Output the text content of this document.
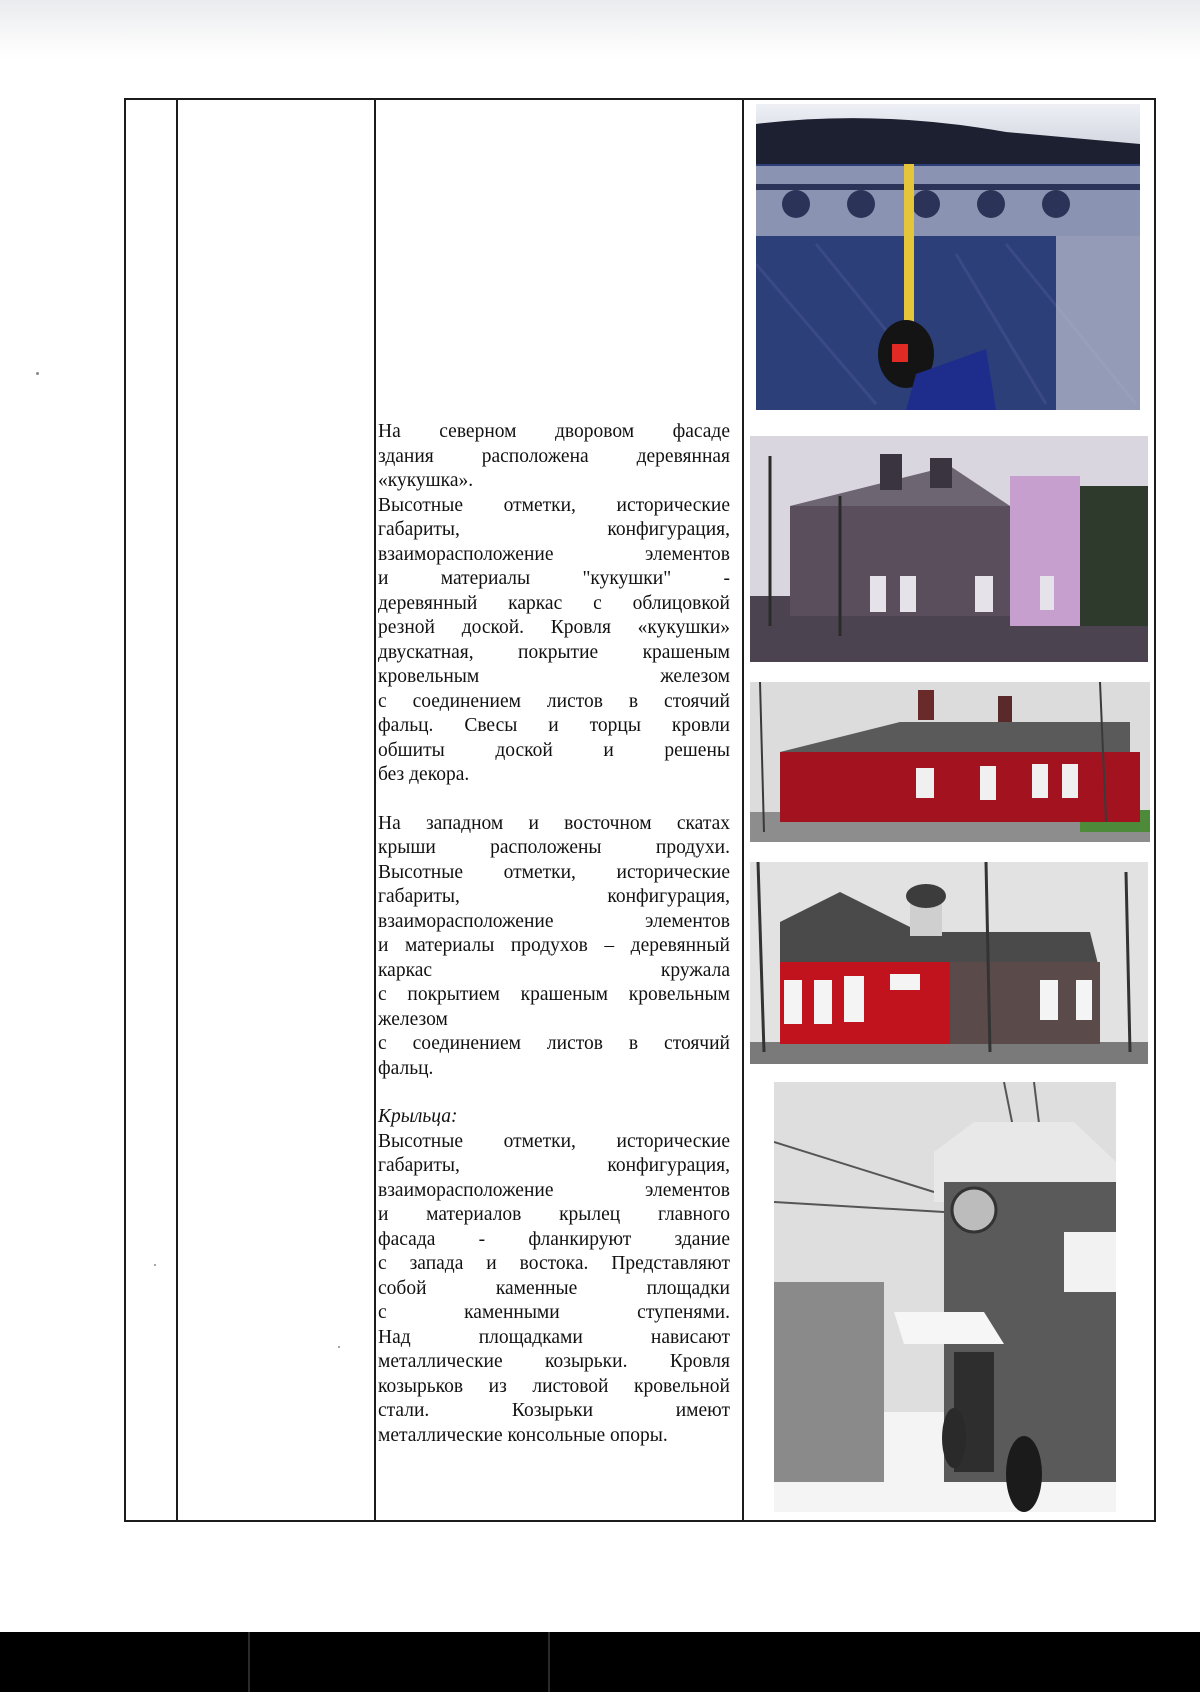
На северном дворовом фасаде
здания расположена деревянная
«кукушка».
Высотные отметки, исторические
габариты, конфигурация,
взаиморасположение элементов
и материалы "кукушки" -
деревянный каркас с облицовкой
резной доской. Кровля «кукушки»
двускатная, покрытие крашеным
кровельным железом
с соединением листов в стоячий
фальц. Свесы и торцы кровли
обшиты доской и решены
без декора.
На западном и восточном скатах
крыши расположены продухи.
Высотные отметки, исторические
габариты, конфигурация,
взаиморасположение элементов
и материалы продухов – деревянный
каркас кружала
с покрытием крашеным кровельным
железом
с соединением листов в стоячий
фальц.
Крыльца:
Высотные отметки, исторические
габариты, конфигурация,
взаиморасположение элементов
и материалов крылец главного
фасада - фланкируют здание
с запада и востока. Представляют
собой каменные площадки
с каменными ступенями.
Над площадками нависают
металлические козырьки. Кровля
козырьков из листовой кровельной
стали. Козырьки имеют
металлические консольные опоры.
